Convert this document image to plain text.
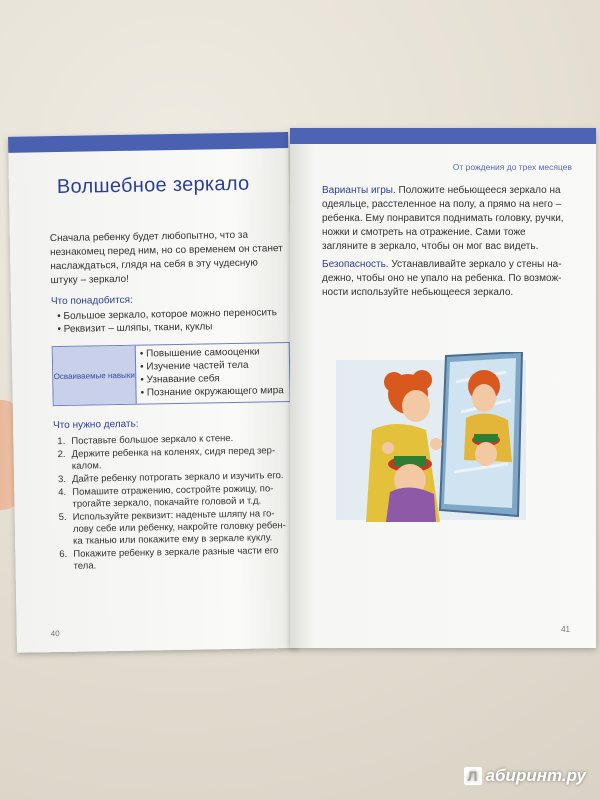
Волшебное зеркало
Сначала ребенку будет любопытно, что за незнакомец перед ним, но со временем он станет наслаждаться, глядя на себя в эту чудесную штуку – зеркало!
Что понадобится:
• Большое зеркало, которое можно переносить
• Реквизит – шляпы, ткани, куклы
Осваиваемые навыки
• Повышение самооценки
• Изучение частей тела
• Узнавание себя
• Познание окружающего мира
Что нужно делать:
1. Поставьте большое зеркало к стене.
2. Держите ребенка на коленях, сидя перед зеркалом.
3. Дайте ребенку потрогать зеркало и изучить его.
4. Помашите отражению, состройте рожицу, потрогайте зеркало, покачайте головой и т.д.
5. Используйте реквизит: наденьте шляпу на голову себе или ребенку, накройте головку ребенка тканью или покажите ему в зеркале куклу.
6. Покажите ребенку в зеркале разные части его тела.
40
От рождения до трех месяцев
Варианты игры. Положите небьющееся зеркало на одеяльце, расстеленное на полу, а прямо на него – ребенка. Ему понравится поднимать головку, ручки, ножки и смотреть на отражение. Сами тоже загляните в зеркало, чтобы он мог вас видеть.
Безопасность. Устанавливайте зеркало у стены надежно, чтобы оно не упало на ребенка. По возможности используйте небьющееся зеркало.
41
Л абиринт.ру
